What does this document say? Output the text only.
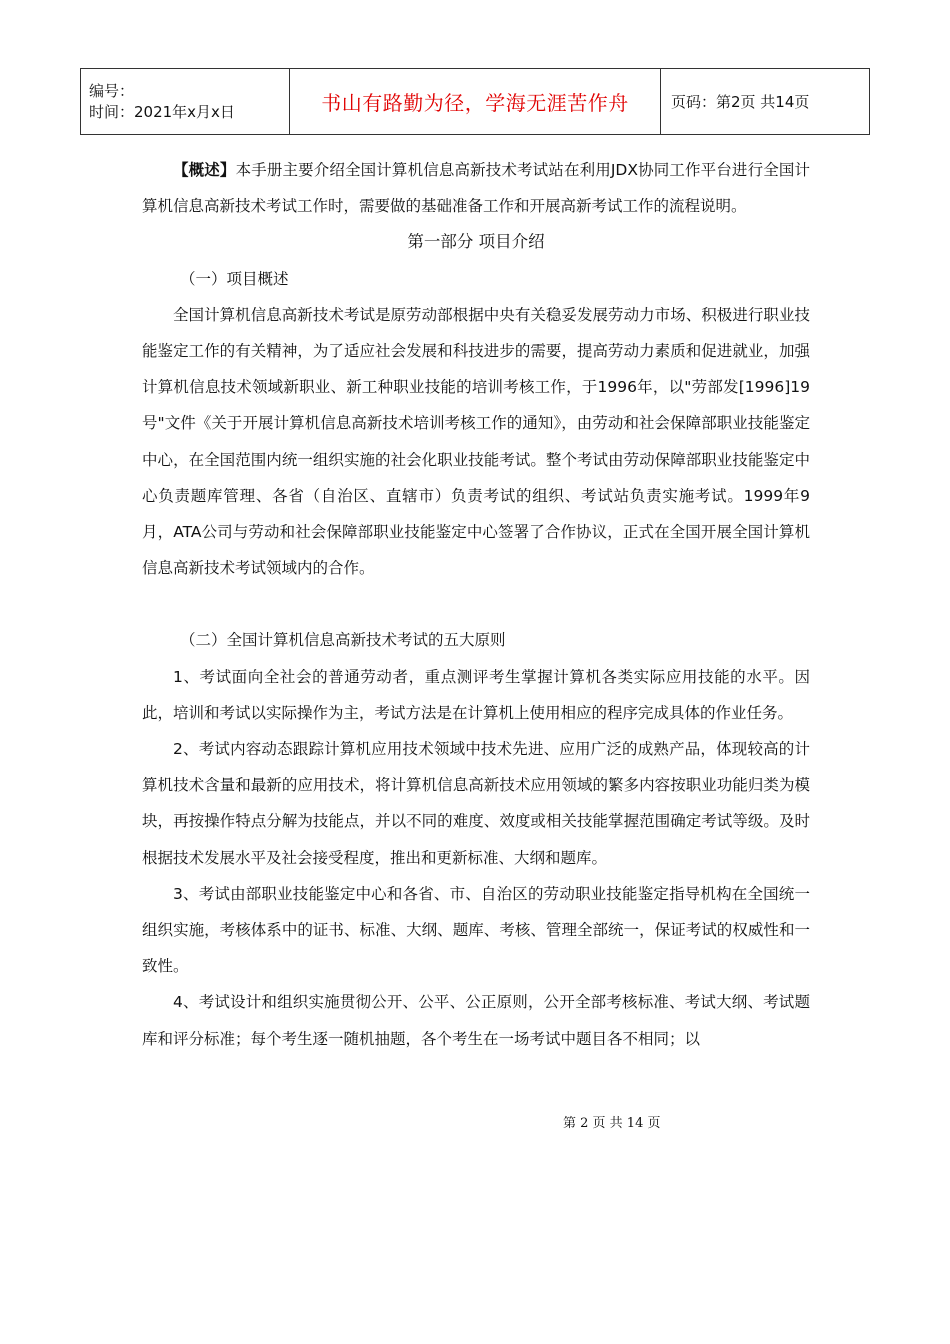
编号：
时间：2021年x月x日	书山有路勤为径，学海无涯苦作舟	页码：第2页 共14页

【概述】本手册主要介绍全国计算机信息高新技术考试站在利用JDX协同工作平台进行全国计算机信息高新技术考试工作时，需要做的基础准备工作和开展高新考试工作的流程说明。

第一部分 项目介绍

（一）项目概述

全国计算机信息高新技术考试是原劳动部根据中央有关稳妥发展劳动力市场、积极进行职业技能鉴定工作的有关精神，为了适应社会发展和科技进步的需要，提高劳动力素质和促进就业，加强计算机信息技术领域新职业、新工种职业技能的培训考核工作，于1996年，以"劳部发[1996]19号"文件《关于开展计算机信息高新技术培训考核工作的通知》，由劳动和社会保障部职业技能鉴定中心，在全国范围内统一组织实施的社会化职业技能考试。整个考试由劳动保障部职业技能鉴定中心负责题库管理、各省（自治区、直辖市）负责考试的组织、考试站负责实施考试。1999年9月，ATA公司与劳动和社会保障部职业技能鉴定中心签署了合作协议，正式在全国开展全国计算机信息高新技术考试领域内的合作。

（二）全国计算机信息高新技术考试的五大原则

1、考试面向全社会的普通劳动者，重点测评考生掌握计算机各类实际应用技能的水平。因此，培训和考试以实际操作为主，考试方法是在计算机上使用相应的程序完成具体的作业任务。

2、考试内容动态跟踪计算机应用技术领域中技术先进、应用广泛的成熟产品，体现较高的计算机技术含量和最新的应用技术，将计算机信息高新技术应用领域的繁多内容按职业功能归类为模块，再按操作特点分解为技能点，并以不同的难度、效度或相关技能掌握范围确定考试等级。及时根据技术发展水平及社会接受程度，推出和更新标准、大纲和题库。

3、考试由部职业技能鉴定中心和各省、市、自治区的劳动职业技能鉴定指导机构在全国统一组织实施，考核体系中的证书、标准、大纲、题库、考核、管理全部统一，保证考试的权威性和一致性。

4、考试设计和组织实施贯彻公开、公平、公正原则，公开全部考核标准、考试大纲、考试题库和评分标准；每个考生逐一随机抽题，各个考生在一场考试中题目各不相同；以

第 2 页 共 14 页
